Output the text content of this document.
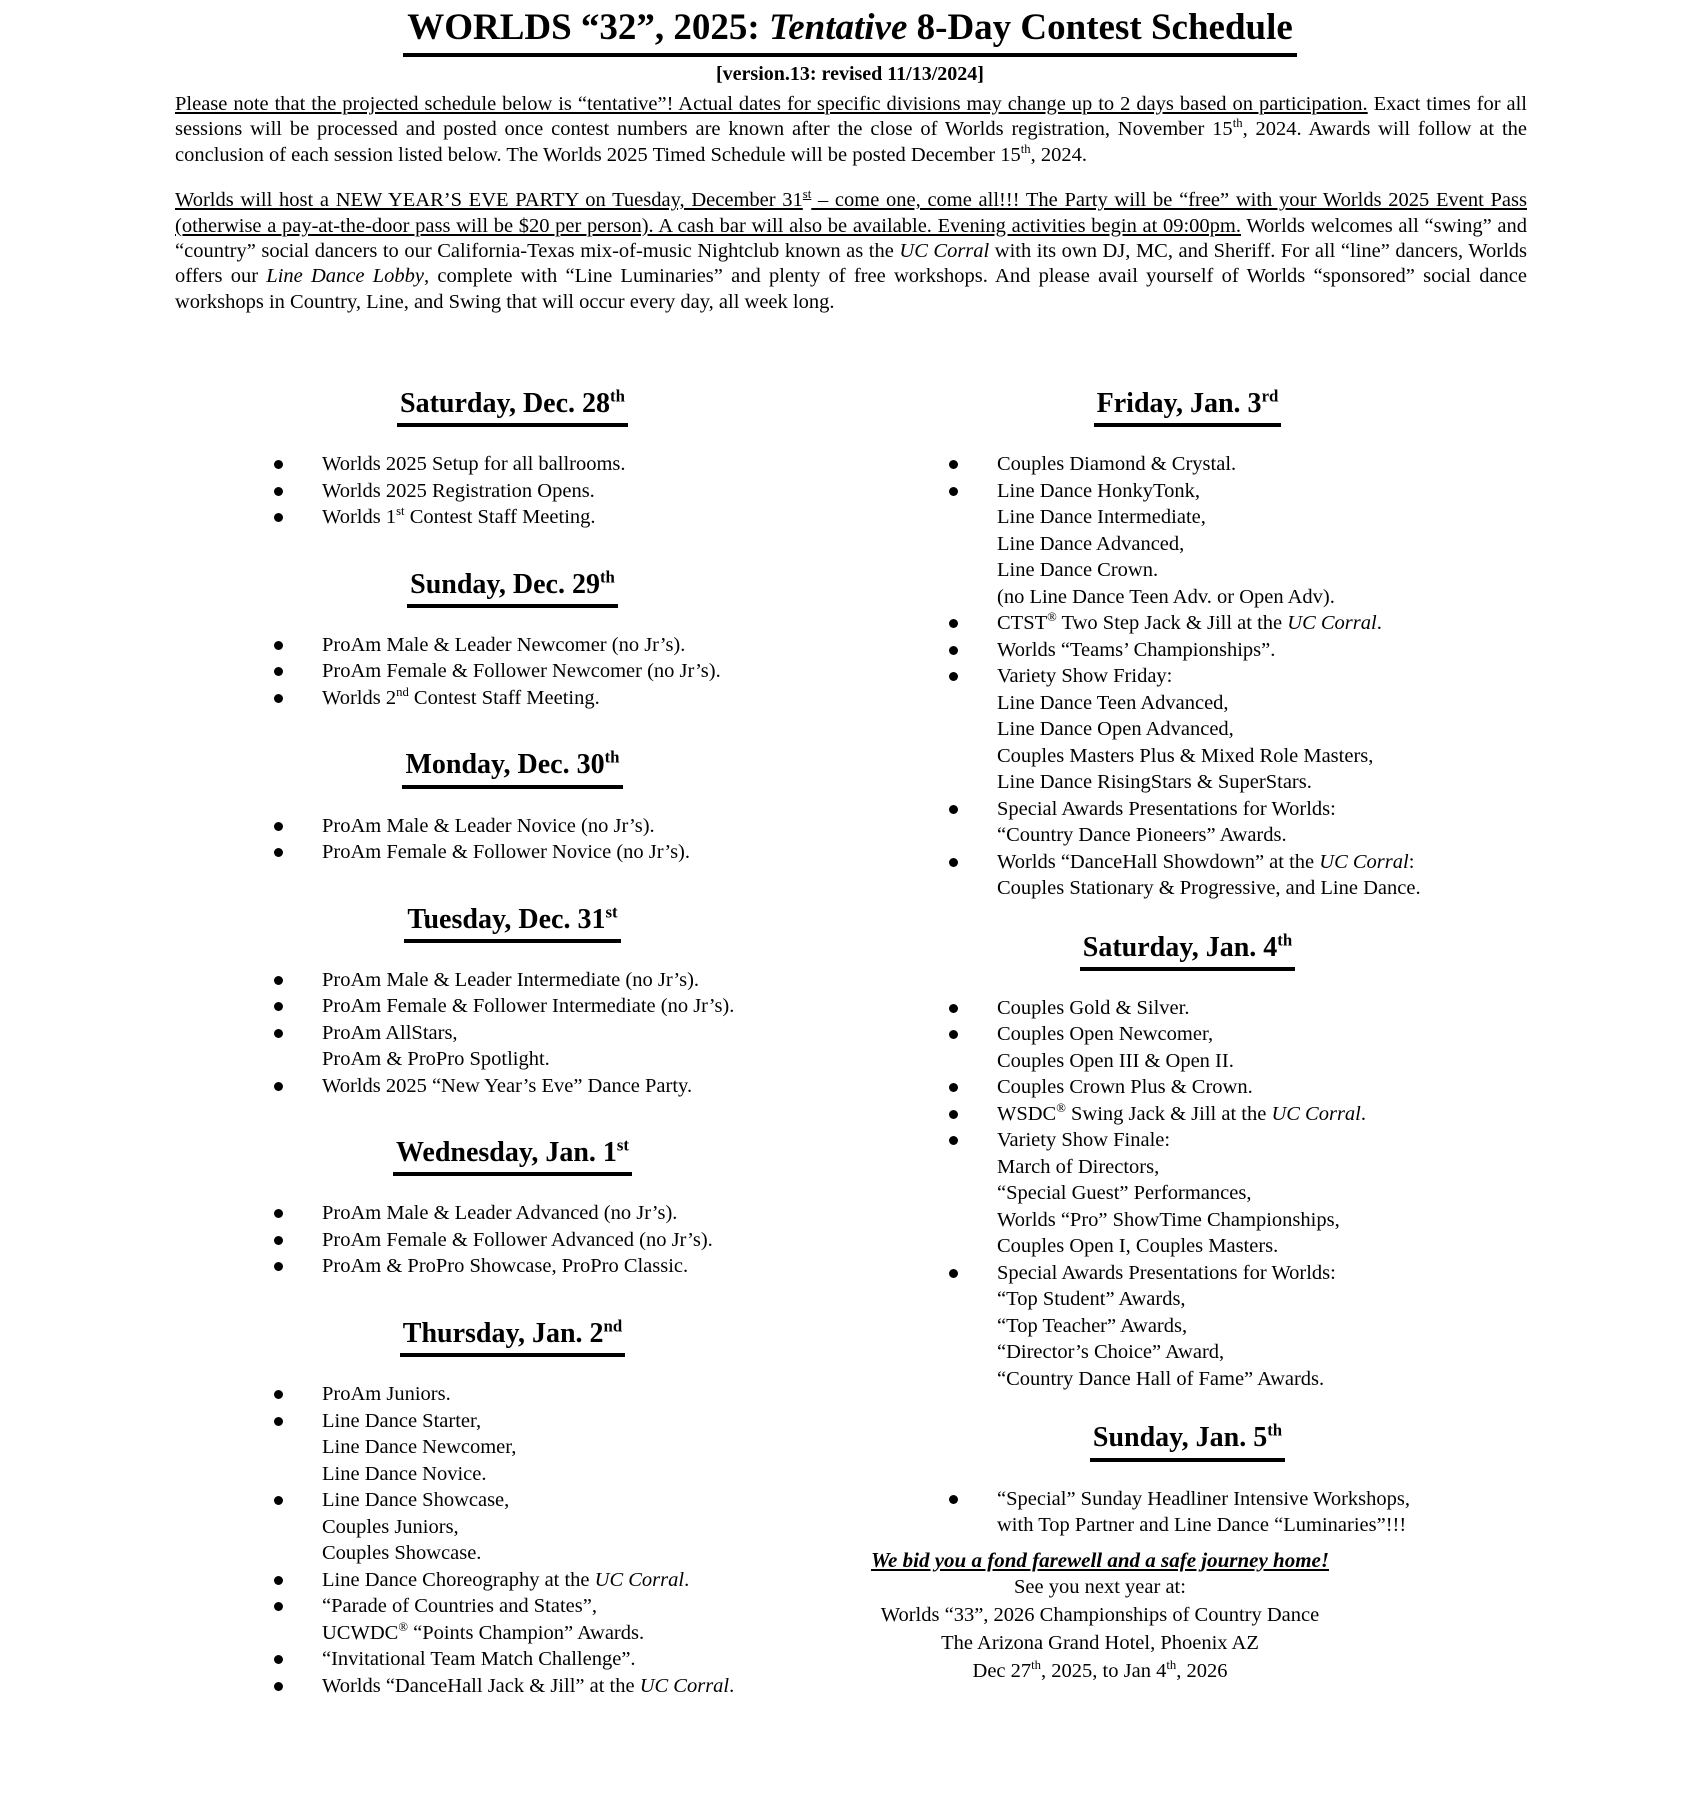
WORLDS “32”, 2025: Tentative 8-Day Contest Schedule
[version.13: revised 11/13/2024]

Please note that the projected schedule below is “tentative”! Actual dates for specific divisions may change up to 2 days based on participation. Exact times for all sessions will be processed and posted once contest numbers are known after the close of Worlds registration, November 15th, 2024. Awards will follow at the conclusion of each session listed below. The Worlds 2025 Timed Schedule will be posted December 15th, 2024.

Worlds will host a NEW YEAR’S EVE PARTY on Tuesday, December 31st – come one, come all!!! The Party will be “free” with your Worlds 2025 Event Pass (otherwise a pay-at-the-door pass will be $20 per person). A cash bar will also be available. Evening activities begin at 09:00pm. Worlds welcomes all “swing” and “country” social dancers to our California-Texas mix-of-music Nightclub known as the UC Corral with its own DJ, MC, and Sheriff. For all “line” dancers, Worlds offers our Line Dance Lobby, complete with “Line Luminaries” and plenty of free workshops. And please avail yourself of Worlds “sponsored” social dance workshops in Country, Line, and Swing that will occur every day, all week long.

Saturday, Dec. 28th
Worlds 2025 Setup for all ballrooms.
Worlds 2025 Registration Opens.
Worlds 1st Contest Staff Meeting.
Sunday, Dec. 29th
ProAm Male & Leader Newcomer (no Jr’s).
ProAm Female & Follower Newcomer (no Jr’s).
Worlds 2nd Contest Staff Meeting.
Monday, Dec. 30th
ProAm Male & Leader Novice (no Jr’s).
ProAm Female & Follower Novice (no Jr’s).
Tuesday, Dec. 31st
ProAm Male & Leader Intermediate (no Jr’s).
ProAm Female & Follower Intermediate (no Jr’s).
ProAm AllStars,
ProAm & ProPro Spotlight.
Worlds 2025 “New Year’s Eve” Dance Party.
Wednesday, Jan. 1st
ProAm Male & Leader Advanced (no Jr’s).
ProAm Female & Follower Advanced (no Jr’s).
ProAm & ProPro Showcase, ProPro Classic.
Thursday, Jan. 2nd
ProAm Juniors.
Line Dance Starter,
Line Dance Newcomer,
Line Dance Novice.
Line Dance Showcase,
Couples Juniors,
Couples Showcase.
Line Dance Choreography at the UC Corral.
“Parade of Countries and States”,
UCWDC® “Points Champion” Awards.
“Invitational Team Match Challenge”.
Worlds “DanceHall Jack & Jill” at the UC Corral.
Friday, Jan. 3rd
Couples Diamond & Crystal.
Line Dance HonkyTonk,
Line Dance Intermediate,
Line Dance Advanced,
Line Dance Crown.
(no Line Dance Teen Adv. or Open Adv).
CTST® Two Step Jack & Jill at the UC Corral.
Worlds “Teams’ Championships”.
Variety Show Friday:
Line Dance Teen Advanced,
Line Dance Open Advanced,
Couples Masters Plus & Mixed Role Masters,
Line Dance RisingStars & SuperStars.
Special Awards Presentations for Worlds:
“Country Dance Pioneers” Awards.
Worlds “DanceHall Showdown” at the UC Corral:
Couples Stationary & Progressive, and Line Dance.
Saturday, Jan. 4th
Couples Gold & Silver.
Couples Open Newcomer,
Couples Open III & Open II.
Couples Crown Plus & Crown.
WSDC® Swing Jack & Jill at the UC Corral.
Variety Show Finale:
March of Directors,
“Special Guest” Performances,
Worlds “Pro” ShowTime Championships,
Couples Open I, Couples Masters.
Special Awards Presentations for Worlds:
“Top Student” Awards,
“Top Teacher” Awards,
“Director’s Choice” Award,
“Country Dance Hall of Fame” Awards.
Sunday, Jan. 5th
“Special” Sunday Headliner Intensive Workshops,
with Top Partner and Line Dance “Luminaries”!!!
We bid you a fond farewell and a safe journey home!
See you next year at:
Worlds “33”, 2026 Championships of Country Dance
The Arizona Grand Hotel, Phoenix AZ
Dec 27th, 2025, to Jan 4th, 2026
